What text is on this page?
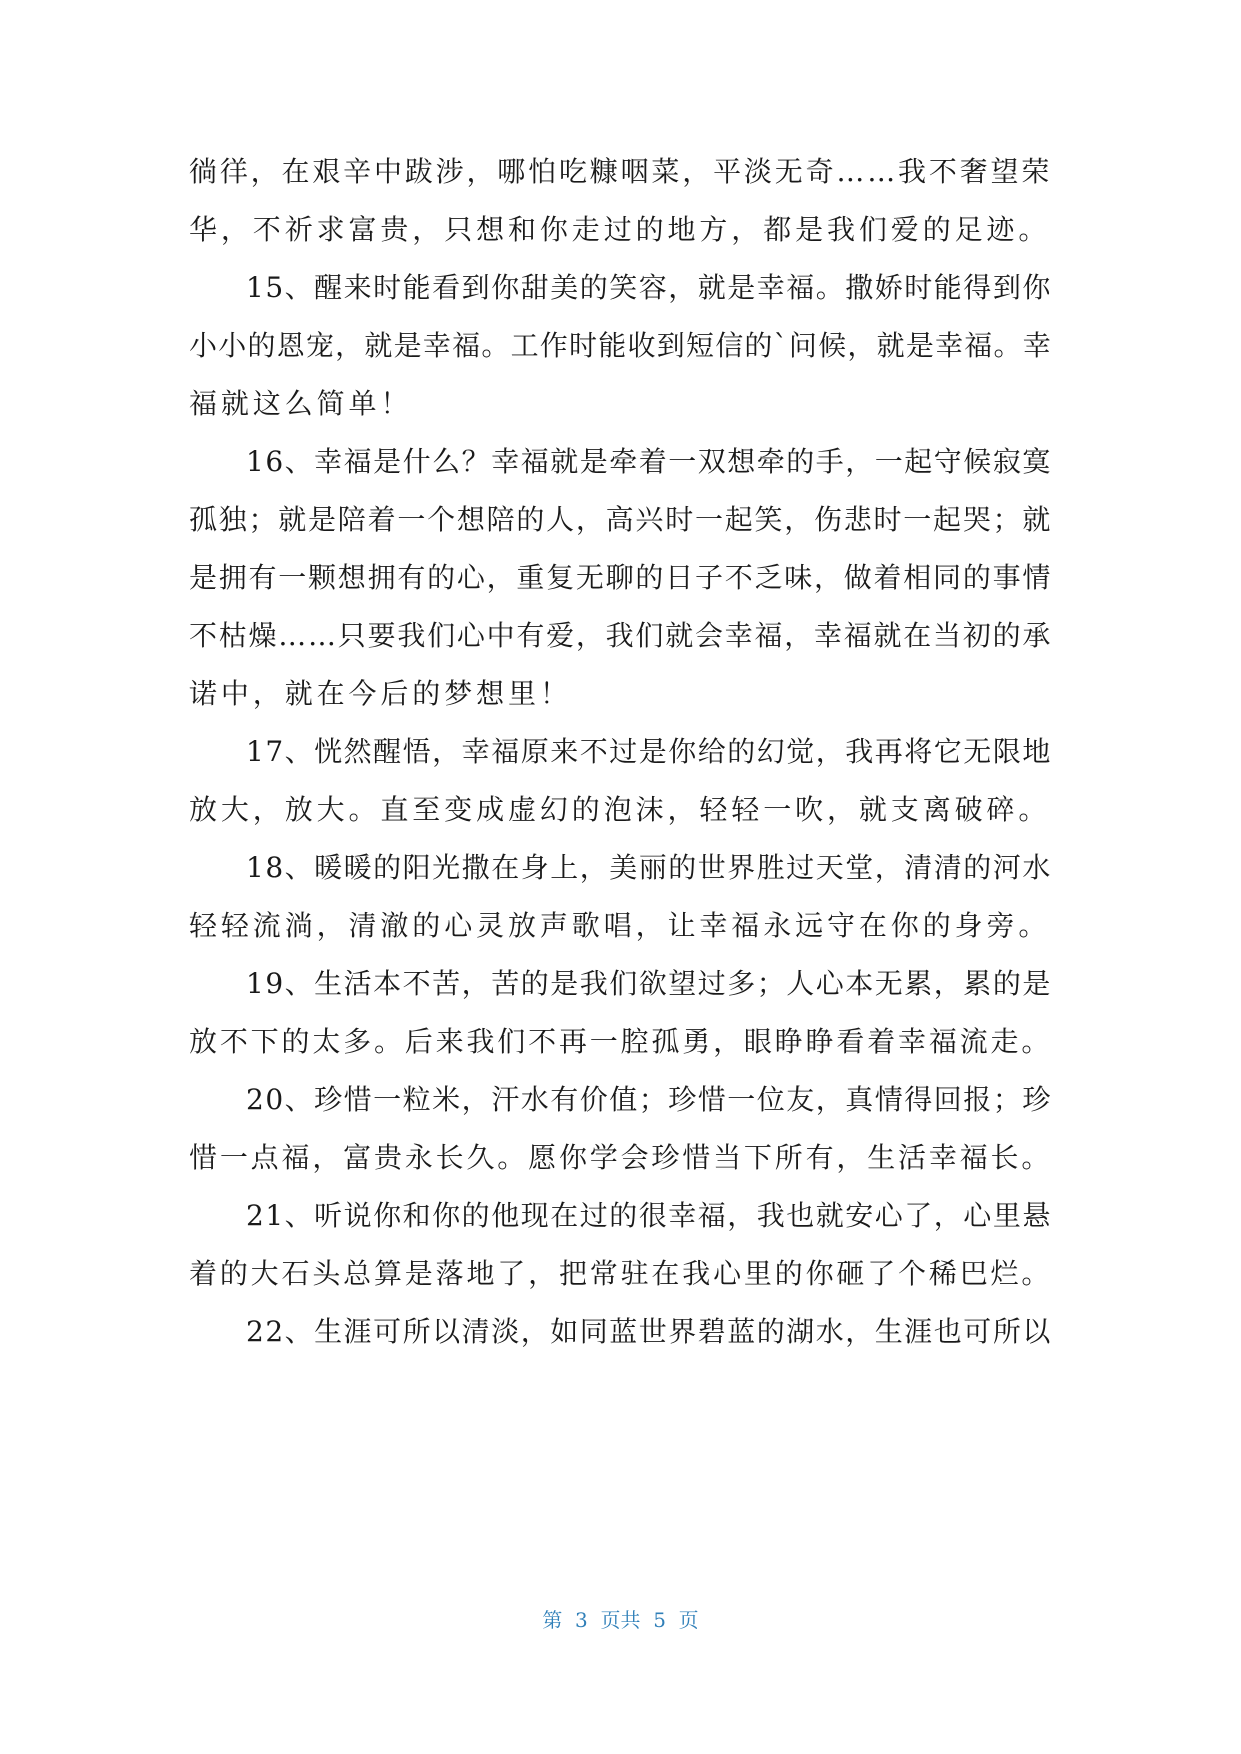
徜徉，在艰辛中跋涉，哪怕吃糠咽菜，平淡无奇……我不奢望荣
华，不祈求富贵，只想和你走过的地方，都是我们爱的足迹。
15、醒来时能看到你甜美的笑容，就是幸福。撒娇时能得到你
小小的恩宠，就是幸福。工作时能收到短信的`问候，就是幸福。幸
福就这么简单！
16、幸福是什么？幸福就是牵着一双想牵的手，一起守候寂寞
孤独；就是陪着一个想陪的人，高兴时一起笑，伤悲时一起哭；就
是拥有一颗想拥有的心，重复无聊的日子不乏味，做着相同的事情
不枯燥……只要我们心中有爱，我们就会幸福，幸福就在当初的承
诺中，就在今后的梦想里！
17、恍然醒悟，幸福原来不过是你给的幻觉，我再将它无限地
放大，放大。直至变成虚幻的泡沫，轻轻一吹，就支离破碎。
18、暖暖的阳光撒在身上，美丽的世界胜过天堂，清清的河水
轻轻流淌，清澈的心灵放声歌唱，让幸福永远守在你的身旁。
19、生活本不苦，苦的是我们欲望过多；人心本无累，累的是
放不下的太多。后来我们不再一腔孤勇，眼睁睁看着幸福流走。
20、珍惜一粒米，汗水有价值；珍惜一位友，真情得回报；珍
惜一点福，富贵永长久。愿你学会珍惜当下所有，生活幸福长。
21、听说你和你的他现在过的很幸福，我也就安心了，心里悬
着的大石头总算是落地了，把常驻在我心里的你砸了个稀巴烂。
22、生涯可所以清淡，如同蓝世界碧蓝的湖水，生涯也可所以
第  3  页共  5  页
